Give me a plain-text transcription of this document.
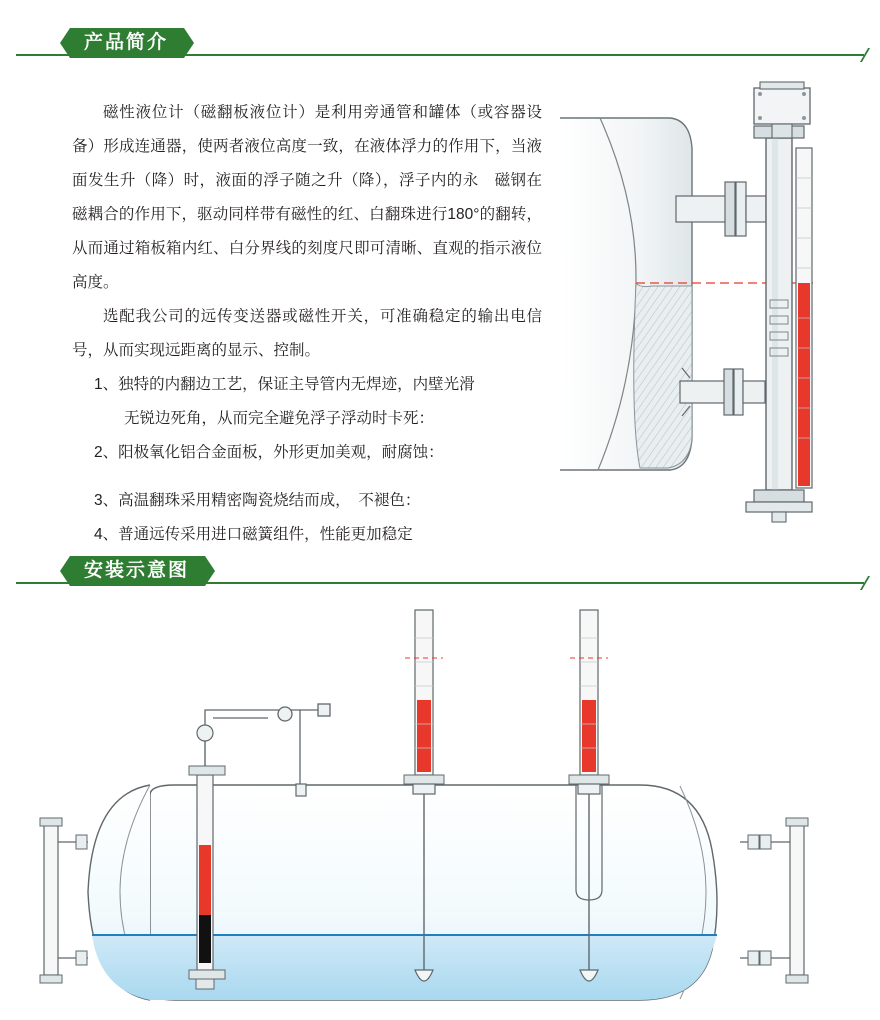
产品简介

磁性液位计（磁翻板液位计）是利用旁通管和罐体（或容器设备）形成连通器，使两者液位高度一致，在液体浮力的作用下，当液面发生升（降）时，液面的浮子随之升（降），浮子内的永　磁钢在磁耦合的作用下，驱动同样带有磁性的红、白翻珠进行180°的翻转，从而通过箱板箱内红、白分界线的刻度尺即可清晰、直观的指示液位高度。

选配我公司的远传变送器或磁性开关，可准确稳定的输出电信号，从而实现远距离的显示、控制。

1、独特的内翻边工艺，保证主导管内无焊迹，内壁光滑
无锐边死角，从而完全避免浮子浮动时卡死：

2、阳极氧化铝合金面板，外形更加美观，耐腐蚀：

3、高温翻珠采用精密陶瓷烧结而成，　不褪色：

4、普通远传采用进口磁簧组件，性能更加稳定

安装示意图
